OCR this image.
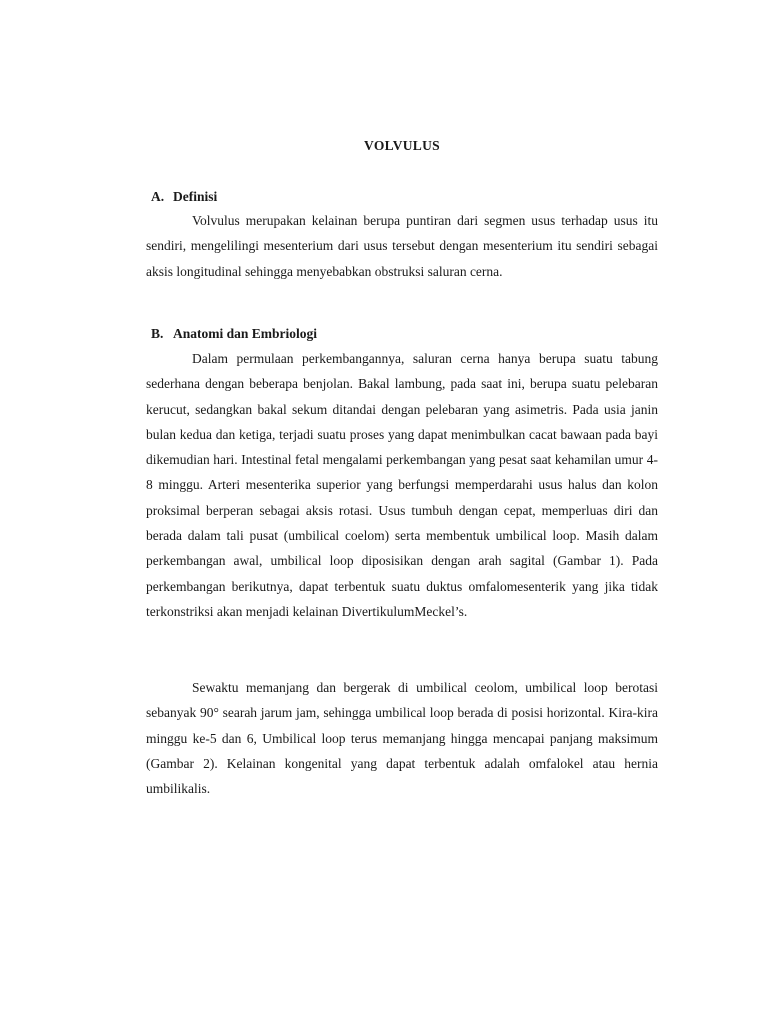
VOLVULUS
A. Definisi

Volvulus merupakan kelainan berupa puntiran dari segmen usus terhadap usus itu sendiri, mengelilingi mesenterium dari usus tersebut dengan mesenterium itu sendiri sebagai aksis longitudinal sehingga menyebabkan obstruksi saluran cerna.

B. Anatomi dan Embriologi

Dalam permulaan perkembangannya, saluran cerna hanya berupa suatu tabung sederhana dengan beberapa benjolan. Bakal lambung, pada saat ini, berupa suatu pelebaran kerucut, sedangkan bakal sekum ditandai dengan pelebaran yang asimetris. Pada usia janin bulan kedua dan ketiga, terjadi suatu proses yang dapat menimbulkan cacat bawaan pada bayi dikemudian hari. Intestinal fetal mengalami perkembangan yang pesat saat kehamilan umur 4-8 minggu. Arteri mesenterika superior yang berfungsi memperdarahi usus halus dan kolon proksimal berperan sebagai aksis rotasi. Usus tumbuh dengan cepat, memperluas diri dan berada dalam tali pusat (umbilical coelom) serta membentuk umbilical loop. Masih dalam perkembangan awal, umbilical loop diposisikan dengan arah sagital (Gambar 1). Pada perkembangan berikutnya, dapat terbentuk suatu duktus omfalomesenterik yang jika tidak terkonstriksi akan menjadi kelainan DivertikulumMeckel’s.

Sewaktu memanjang dan bergerak di umbilical ceolom, umbilical loop berotasi sebanyak 90° searah jarum jam, sehingga umbilical loop berada di posisi horizontal. Kira-kira minggu ke-5 dan 6, Umbilical loop terus memanjang hingga mencapai panjang maksimum (Gambar 2). Kelainan kongenital yang dapat terbentuk adalah omfalokel atau hernia umbilikalis.
